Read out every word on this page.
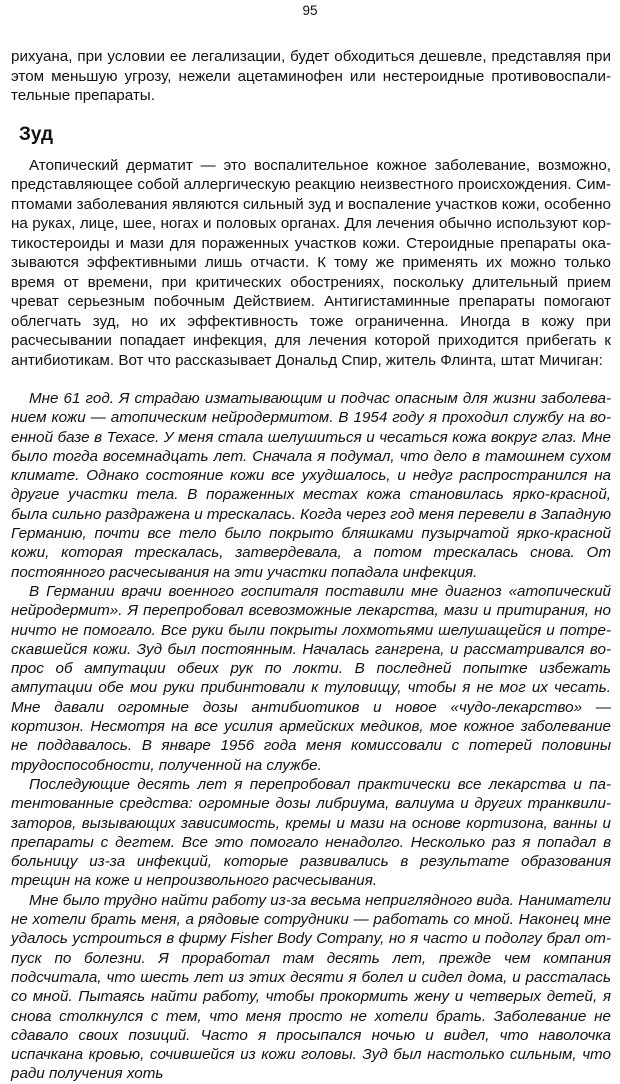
95

рихуана, при условии ее легализации, будет обходиться дешевле, представляя при этом меньшую угрозу, нежели ацетаминофен или нестероидные противовоспалительные препараты.

Зуд

Атопический дерматит — это воспалительное кожное заболевание, возможно, представляющее собой аллергическую реакцию неизвестного происхождения. Симптомами заболевания являются сильный зуд и воспаление участков кожи, особенно на руках, лице, шее, ногах и половых органах. Для лечения обычно используют кортикостероиды и мази для пораженных участков кожи. Стероидные препараты оказываются эффективными лишь отчасти. К тому же применять их можно только время от времени, при критических обострениях, поскольку длительный прием чреват серьезным побочным Действием. Антигистаминные препараты помогают облегчать зуд, но их эффективность тоже ограниченна. Иногда в кожу при расчесывании попадает инфекция, для лечения которой приходится прибегать к антибиотикам. Вот что рассказывает Дональд Спир, житель Флинта, штат Мичиган:

Мне 61 год. Я страдаю изматывающим и подчас опасным для жизни заболеванием кожи — атопическим нейродермитом. В 1954 году я проходил службу на военной базе в Техасе. У меня стала шелушиться и чесаться кожа вокруг глаз. Мне было тогда восемнадцать лет. Сначала я подумал, что дело в тамошнем сухом климате. Однако состояние кожи все ухудшалось, и недуг распространился на другие участки тела. В пораженных местах кожа становилась ярко-красной, была сильно раздражена и трескалась. Когда через год меня перевели в Западную Германию, почти все тело было покрыто бляшками пузырчатой ярко-красной кожи, которая трескалась, затвердевала, а потом трескалась снова. От постоянного расчесывания на эти участки попадала инфекция.

В Германии врачи военного госпиталя поставили мне диагноз «атопический нейродермит». Я перепробовал всевозможные лекарства, мази и притирания, но ничто не помогало. Все руки были покрыты лохмотьями шелушащейся и потрескавшейся кожи. Зуд был постоянным. Началась гангрена, и рассматривался вопрос об ампутации обеих рук по локти. В последней попытке избежать ампутации обе мои руки прибинтовали к туловищу, чтобы я не мог их чесать. Мне давали огромные дозы антибиотиков и новое «чудо-лекарство» — кортизон. Несмотря на все усилия армейских медиков, мое кожное заболевание не поддавалось. В январе 1956 года меня комиссовали с потерей половины трудоспособности, полученной на службе.

Последующие десять лет я перепробовал практически все лекарства и патентованные средства: огромные дозы либриума, валиума и других транквилизаторов, вызывающих зависимость, кремы и мази на основе кортизона, ванны и препараты с дегтем. Все это помогало ненадолго. Несколько раз я попадал в больницу из-за инфекций, которые развивались в результате образования трещин на коже и непроизвольного расчесывания.

Мне было трудно найти работу из-за весьма неприглядного вида. Наниматели не хотели брать меня, а рядовые сотрудники — работать со мной. Наконец мне удалось устроиться в фирму Fisher Body Company, но я часто и подолгу брал отпуск по болезни. Я проработал там десять лет, прежде чем компания подсчитала, что шесть лет из этих десяти я болел и сидел дома, и рассталась со мной. Пытаясь найти работу, чтобы прокормить жену и четверых детей, я снова столкнулся с тем, что меня просто не хотели брать. Заболевание не сдавало своих позиций. Часто я просыпался ночью и видел, что наволочка испачкана кровью, сочившейся из кожи головы. Зуд был настолько сильным, что ради получения хоть
